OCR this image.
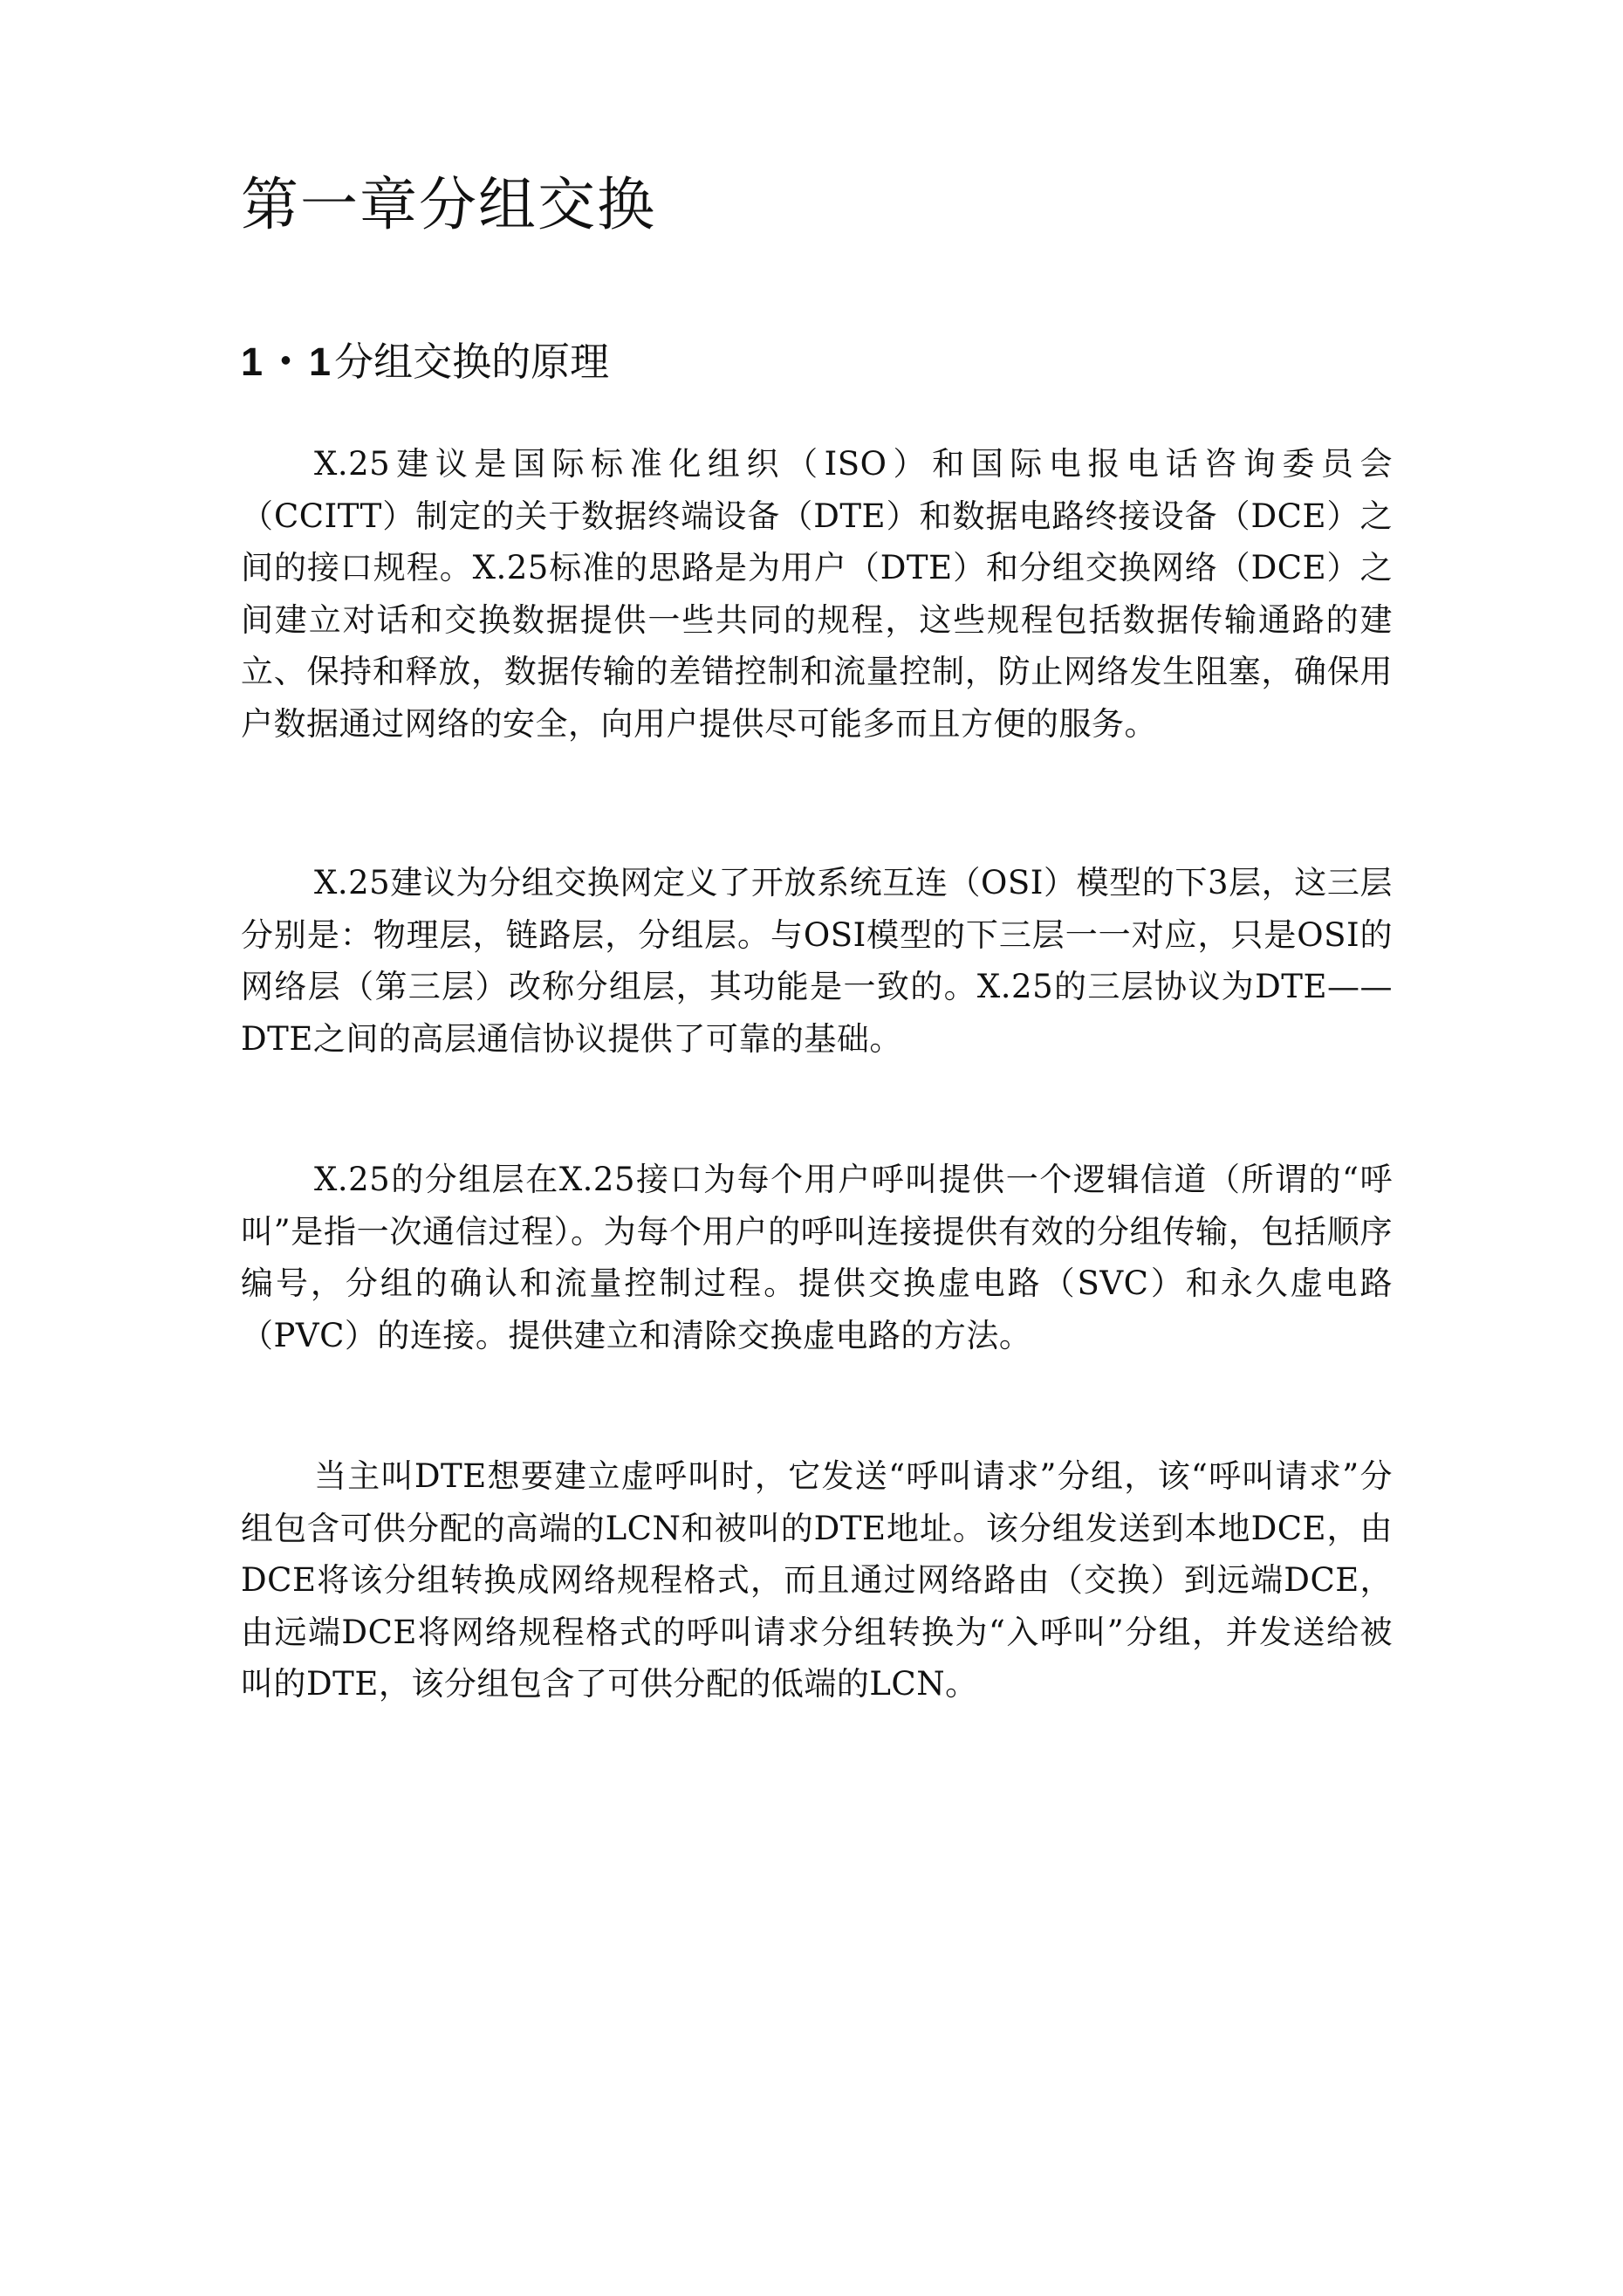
第一章分组交换
1・1分组交换的原理

X.25建议是国际标准化组织（ISO）和国际电报电话咨询委员会（CCITT）制定的关于数据终端设备（DTE）和数据电路终接设备（DCE）之间的接口规程。X.25标准的思路是为用户（DTE）和分组交换网络（DCE）之间建立对话和交换数据提供一些共同的规程，这些规程包括数据传输通路的建立、保持和释放，数据传输的差错控制和流量控制，防止网络发生阻塞，确保用户数据通过网络的安全，向用户提供尽可能多而且方便的服务。

X.25建议为分组交换网定义了开放系统互连（OSI）模型的下3层，这三层分别是：物理层，链路层，分组层。与OSI模型的下三层一一对应，只是OSI的网络层（第三层）改称分组层，其功能是一致的。X.25的三层协议为DTE——DTE之间的高层通信协议提供了可靠的基础。

X.25的分组层在X.25接口为每个用户呼叫提供一个逻辑信道（所谓的“呼叫”是指一次通信过程）。为每个用户的呼叫连接提供有效的分组传输，包括顺序编号，分组的确认和流量控制过程。提供交换虚电路（SVC）和永久虚电路（PVC）的连接。提供建立和清除交换虚电路的方法。

当主叫DTE想要建立虚呼叫时，它发送“呼叫请求”分组，该“呼叫请求”分组包含可供分配的高端的LCN和被叫的DTE地址。该分组发送到本地DCE，由DCE将该分组转换成网络规程格式，而且通过网络路由（交换）到远端DCE，由远端DCE将网络规程格式的呼叫请求分组转换为“入呼叫”分组，并发送给被叫的DTE，该分组包含了可供分配的低端的LCN。
